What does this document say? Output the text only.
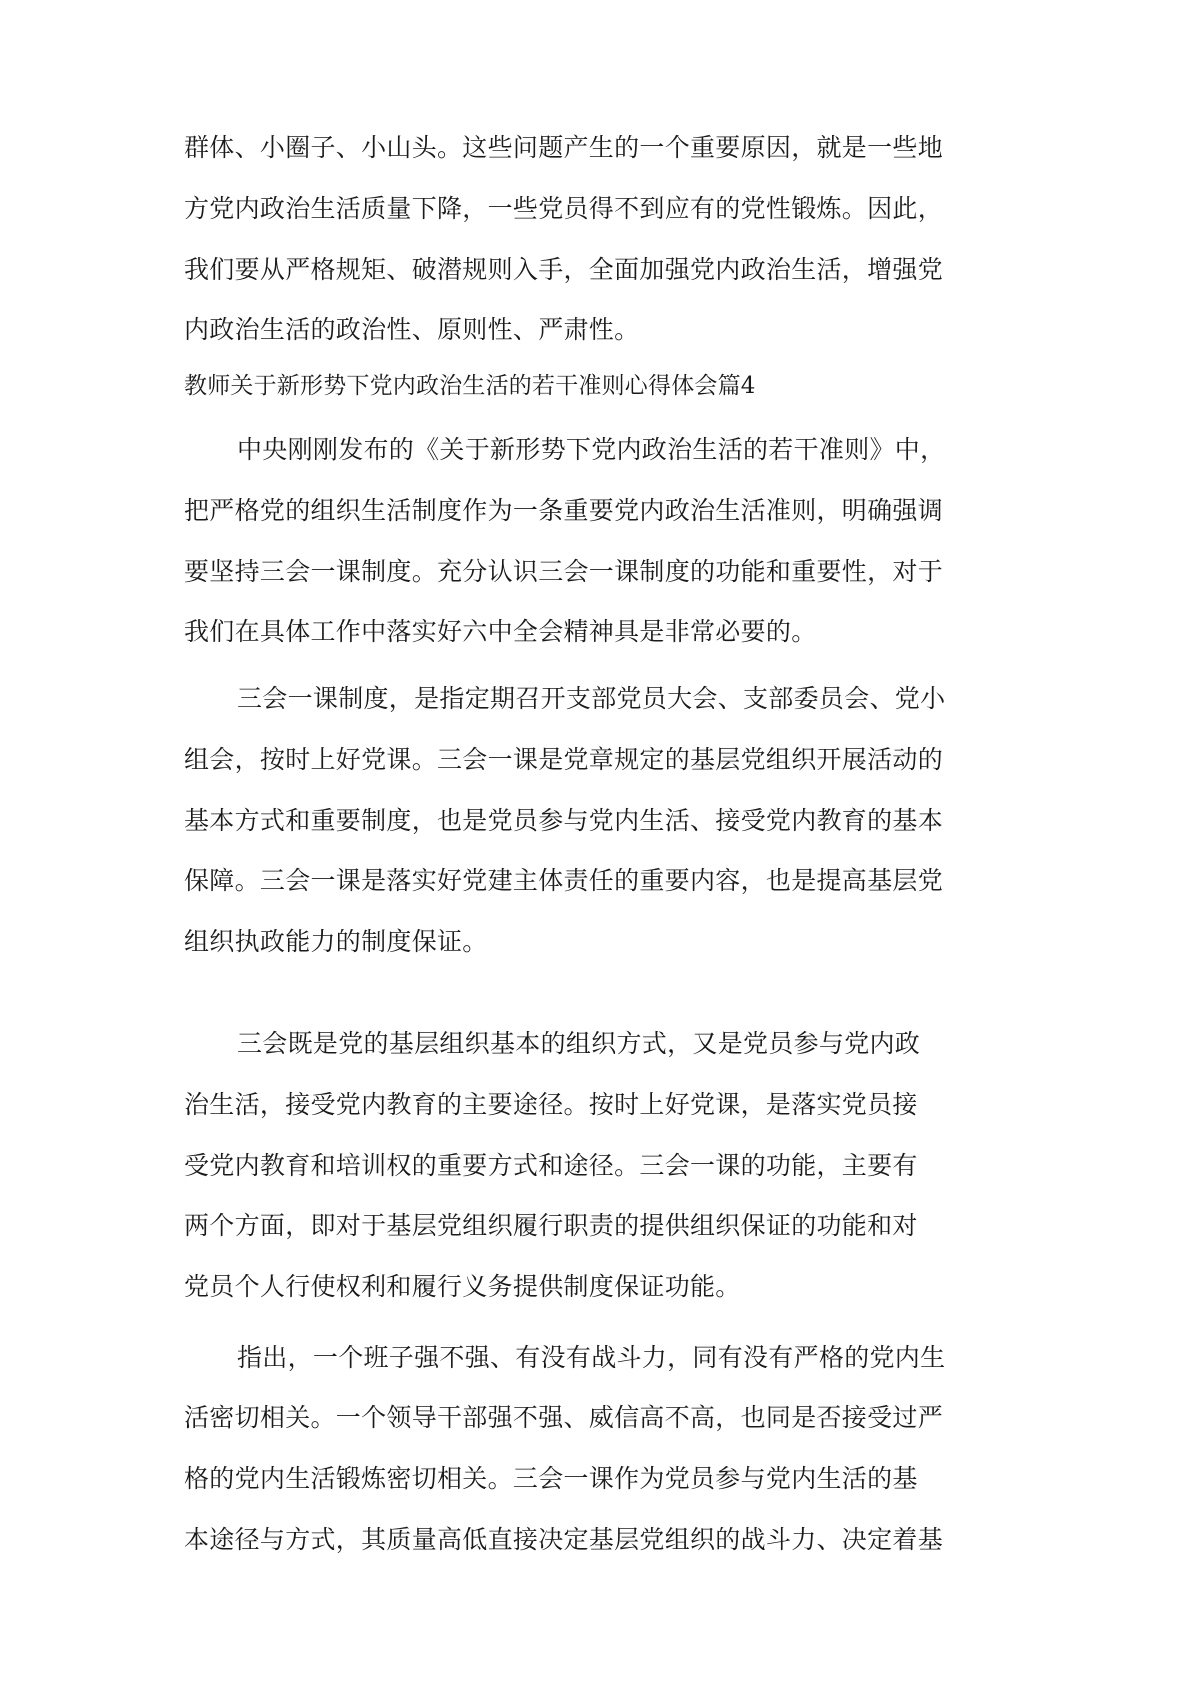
群体、小圈子、小山头。这些问题产生的一个重要原因，就是一些地
方党内政治生活质量下降，一些党员得不到应有的党性锻炼。因此，
我们要从严格规矩、破潜规则入手，全面加强党内政治生活，增强党
内政治生活的政治性、原则性、严肃性。
教师关于新形势下党内政治生活的若干准则心得体会篇4
中央刚刚发布的《关于新形势下党内政治生活的若干准则》中，
把严格党的组织生活制度作为一条重要党内政治生活准则，明确强调
要坚持三会一课制度。充分认识三会一课制度的功能和重要性，对于
我们在具体工作中落实好六中全会精神具是非常必要的。
三会一课制度，是指定期召开支部党员大会、支部委员会、党小
组会，按时上好党课。三会一课是党章规定的基层党组织开展活动的
基本方式和重要制度，也是党员参与党内生活、接受党内教育的基本
保障。三会一课是落实好党建主体责任的重要内容，也是提高基层党
组织执政能力的制度保证。
三会既是党的基层组织基本的组织方式，又是党员参与党内政
治生活，接受党内教育的主要途径。按时上好党课，是落实党员接
受党内教育和培训权的重要方式和途径。三会一课的功能，主要有
两个方面，即对于基层党组织履行职责的提供组织保证的功能和对
党员个人行使权利和履行义务提供制度保证功能。
指出，一个班子强不强、有没有战斗力，同有没有严格的党内生
活密切相关。一个领导干部强不强、威信高不高，也同是否接受过严
格的党内生活锻炼密切相关。三会一课作为党员参与党内生活的基
本途径与方式，其质量高低直接决定基层党组织的战斗力、决定着基
